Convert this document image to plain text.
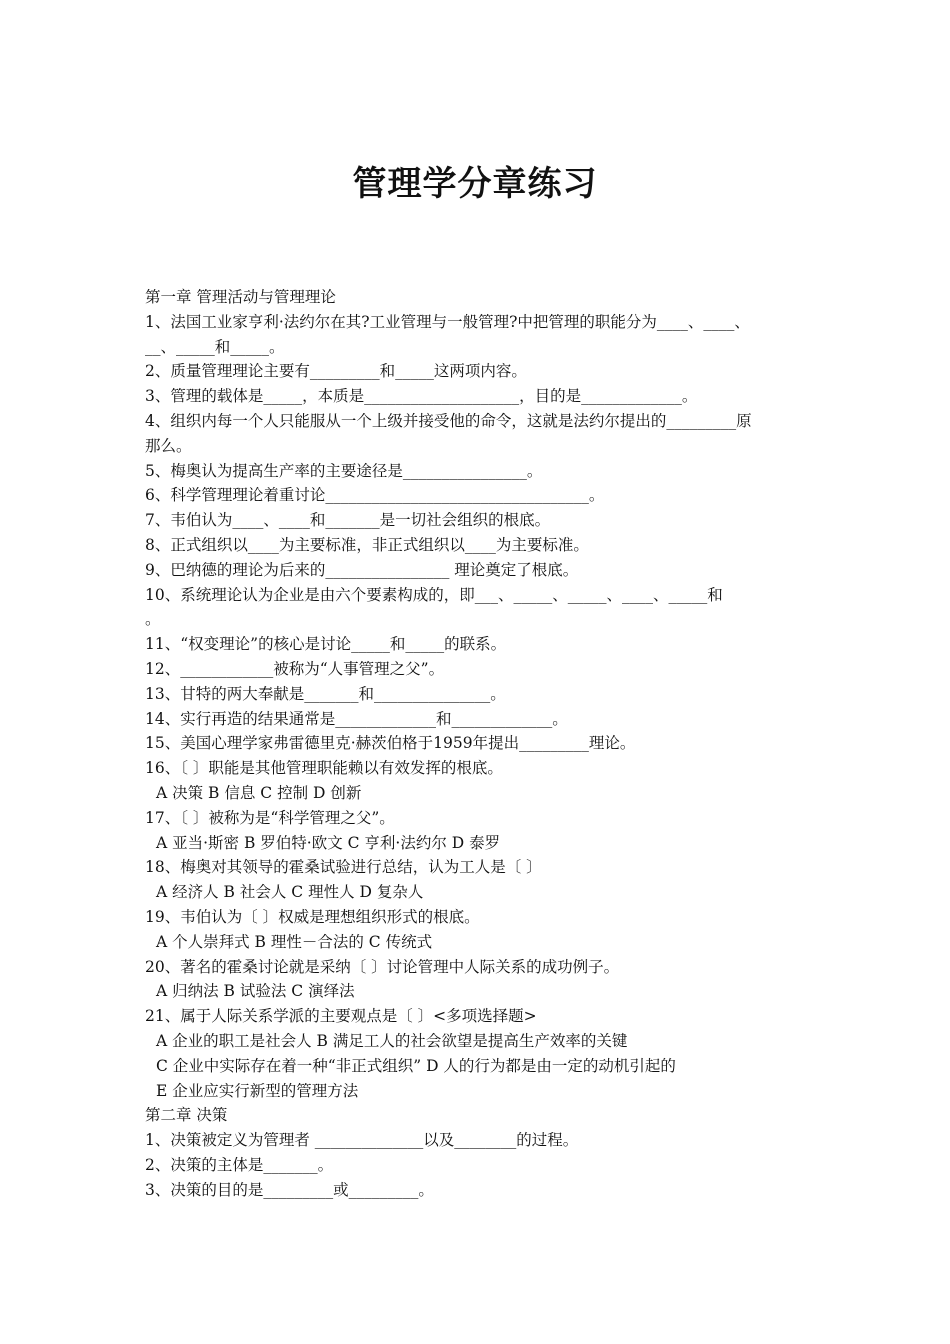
管理学分章练习
第一章 管理活动与管理理论
1、法国工业家亨利·法约尔在其?工业管理与一般管理?中把管理的职能分为____、____、
__、_____和_____。
2、质量管理理论主要有_________和_____这两项内容。
3、管理的载体是_____，本质是____________________，目的是_____________。
4、组织内每一个人只能服从一个上级并接受他的命令，这就是法约尔提出的_________原
那么。
5、梅奥认为提高生产率的主要途径是________________。
6、科学管理理论着重讨论__________________________________。
7、韦伯认为____、____和_______是一切社会组织的根底。
8、正式组织以____为主要标准，非正式组织以____为主要标准。
9、巴纳德的理论为后来的________________ 理论奠定了根底。
10、系统理论认为企业是由六个要素构成的，即___、_____、_____、____、_____和
。
11、“权变理论”的核心是讨论_____和_____的联系。
12、____________被称为“人事管理之父”。
13、甘特的两大奉献是_______和_______________。
14、实行再造的结果通常是_____________和_____________。
15、美国心理学家弗雷德里克·赫茨伯格于1959年提出_________理论。
16、〔 〕职能是其他管理职能赖以有效发挥的根底。
A 决策 B 信息 C 控制 D 创新
17、〔 〕被称为是“科学管理之父”。
A 亚当·斯密 B 罗伯特·欧文 C 亨利·法约尔 D 泰罗
18、梅奥对其领导的霍桑试验进行总结，认为工人是〔 〕
A 经济人 B 社会人 C 理性人 D 复杂人
19、韦伯认为〔 〕权威是理想组织形式的根底。
A 个人崇拜式 B 理性－合法的 C 传统式
20、著名的霍桑讨论就是采纳〔 〕讨论管理中人际关系的成功例子。
A 归纳法 B 试验法 C 演绎法
21、属于人际关系学派的主要观点是〔 〕<多项选择题>
A 企业的职工是社会人 B 满足工人的社会欲望是提高生产效率的关键
C 企业中实际存在着一种“非正式组织” D 人的行为都是由一定的动机引起的
E 企业应实行新型的管理方法
第二章 决策
1、决策被定义为管理者 ______________以及________的过程。
2、决策的主体是_______。
3、决策的目的是_________或_________。
